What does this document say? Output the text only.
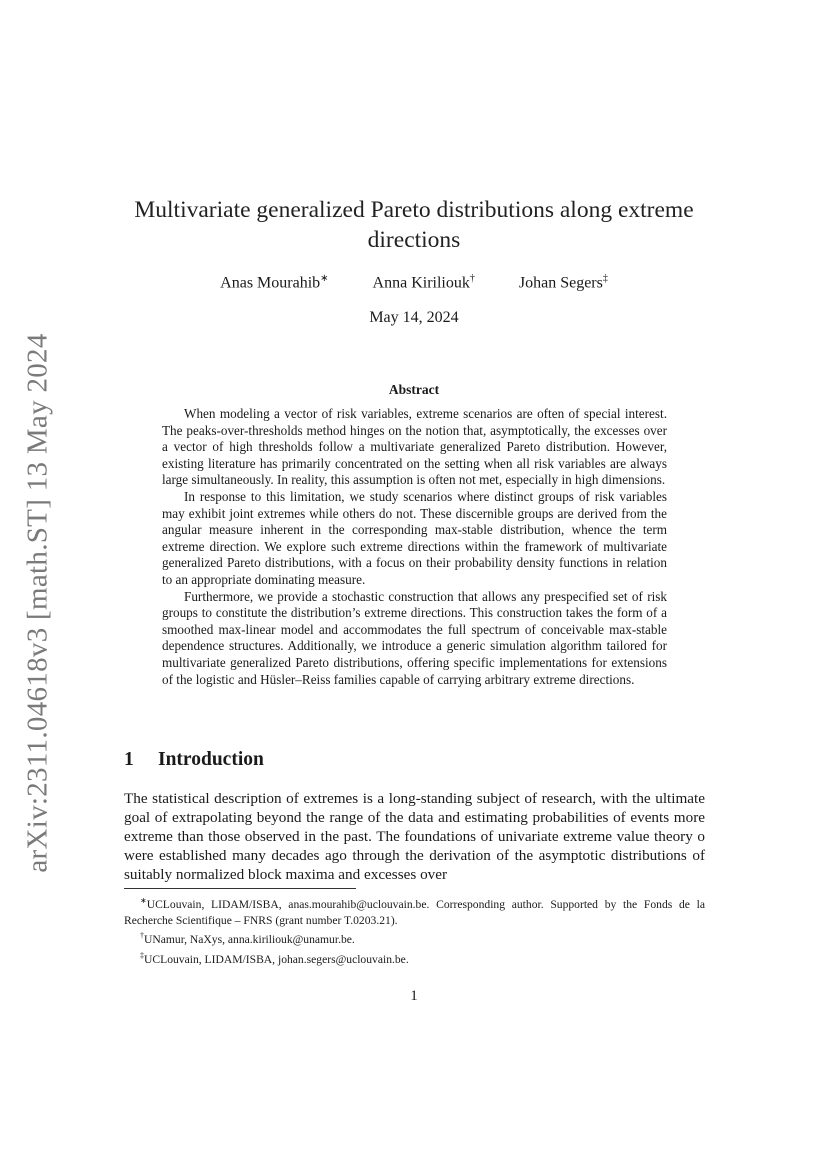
arXiv:2311.04618v3 [math.ST] 13 May 2024
Multivariate generalized Pareto distributions along extreme directions
Anas Mourahib∗	Anna Kiriliouk†	Johan Segers‡
May 14, 2024
Abstract

When modeling a vector of risk variables, extreme scenarios are often of special interest. The peaks-over-thresholds method hinges on the notion that, asymptotically, the excesses over a vector of high thresholds follow a multivariate generalized Pareto distribution. However, existing literature has primarily concentrated on the setting when all risk variables are always large simultaneously. In reality, this assumption is often not met, especially in high dimensions.

In response to this limitation, we study scenarios where distinct groups of risk variables may exhibit joint extremes while others do not. These discernible groups are derived from the angular measure inherent in the corresponding max-stable distribution, whence the term extreme direction. We explore such extreme directions within the framework of multivariate generalized Pareto distributions, with a focus on their probability density functions in relation to an appropriate dominating measure.

Furthermore, we provide a stochastic construction that allows any prespecified set of risk groups to constitute the distribution’s extreme directions. This construction takes the form of a smoothed max-linear model and accommodates the full spectrum of conceivable max-stable dependence structures. Additionally, we introduce a generic simulation algorithm tailored for multivariate generalized Pareto distributions, offering specific implementations for extensions of the logistic and Hüsler–Reiss families capable of carrying arbitrary extreme directions.

1 Introduction

The statistical description of extremes is a long-standing subject of research, with the ultimate goal of extrapolating beyond the range of the data and estimating probabilities of events more extreme than those observed in the past. The foundations of univariate extreme value theory o were established many decades ago through the derivation of the asymptotic distributions of suitably normalized block maxima and excesses over

∗UCLouvain, LIDAM/ISBA, anas.mourahib@uclouvain.be. Corresponding author. Supported by the Fonds de la Recherche Scientifique – FNRS (grant number T.0203.21).

†UNamur, NaXys, anna.kiriliouk@unamur.be.

‡UCLouvain, LIDAM/ISBA, johan.segers@uclouvain.be.

1
